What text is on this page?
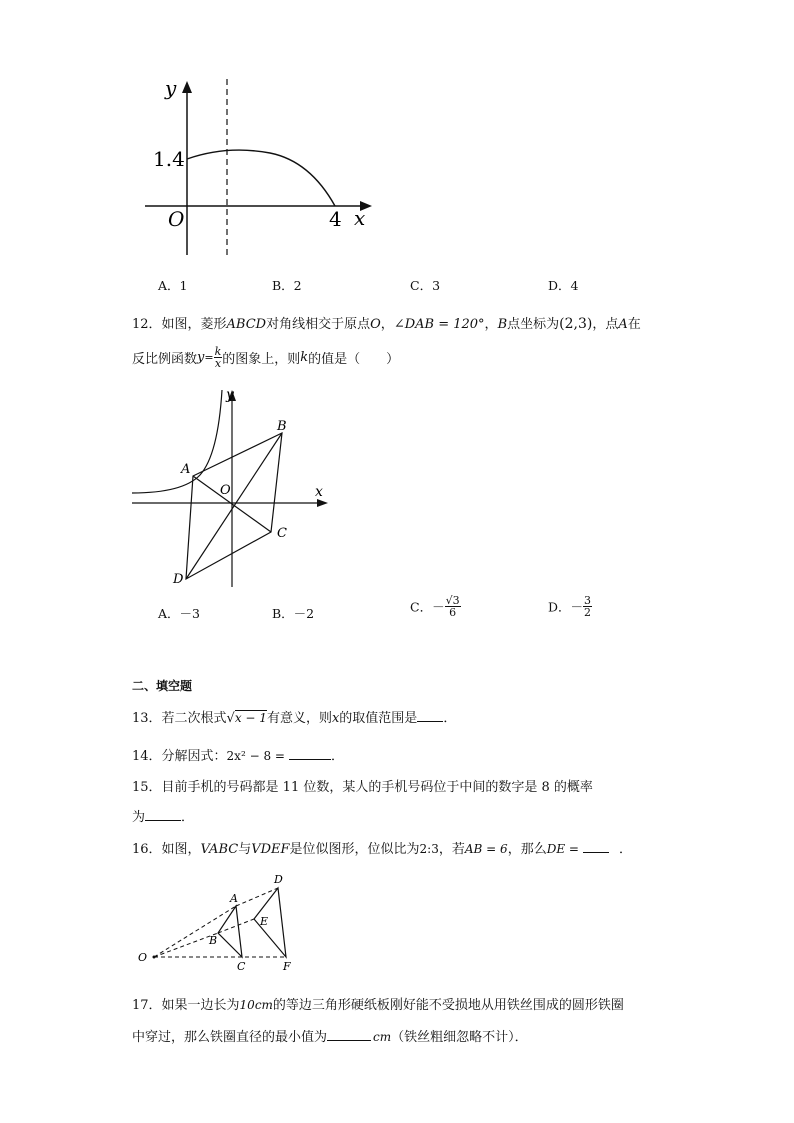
y
x
O
1.4
4
A．1	B．2	C．3	D．4
12．如图，菱形ABCD对角线相交于原点O，∠DAB = 120°，B点坐标为(2,3)，点A在
反比例函数$y= \frac{k}{x}$ 的图象上，则k的值是（　　）
y
x
A
B
C
D
O
A．－3	B．－2	C．－ $\frac{√3}{6}$	D．－ $\frac{3}{2}$
二、填空题
13．若二次根式√x − 1有意义，则x的取值范围是 ．
14．分解因式：2x² − 8 =	．
15．目前手机的号码都是 11 位数，某人的手机号码位于中间的数字是 8 的概率
为	．
16．如图，VABC与VDEF是位似图形，位似比为2:3，若AB = 6，那么DE =	．
O
A
B
C
D
E
F
17．如果一边长为10cm的等边三角形硬纸板刚好能不受损地从用铁丝围成的圆形铁圈
中穿过，那么铁圈直径的最小值为	cm（铁丝粗细忽略不计）．
